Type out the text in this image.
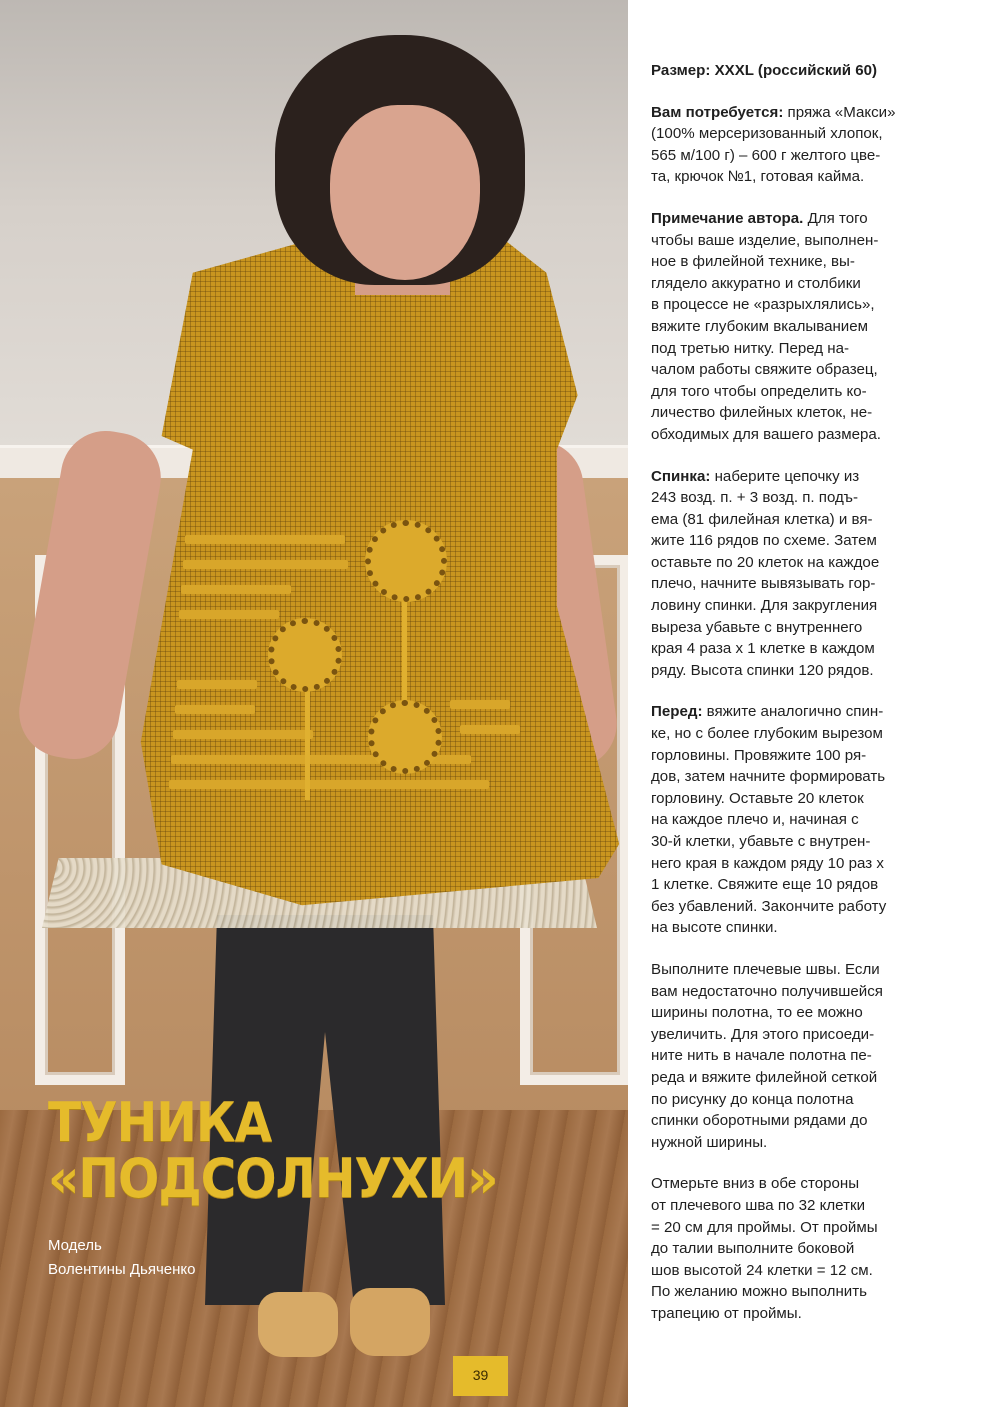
ТУНИКА
«ПОДСОЛНУХИ»
Модель
Волентины Дьяченко
39

Размер: XXXL (российский 60)

Вам потребуется: пряжа «Макси»
(100% мерсеризованный хлопок,
565 м/100 г) – 600 г желтого цве-
та, крючок №1, готовая кайма.

Примечание автора. Для того
чтобы ваше изделие, выполнен-
ное в филейной технике, вы-
глядело аккуратно и столбики
в процессе не «разрыхлялись»,
вяжите глубоким вкалыванием
под третью нитку. Перед на-
чалом работы свяжите образец,
для того чтобы определить ко-
личество филейных клеток, не-
обходимых для вашего размера.

Спинка: наберите цепочку из
243 возд. п. + 3 возд. п. подъ-
ема (81 филейная клетка) и вя-
жите 116 рядов по схеме. Затем
оставьте по 20 клеток на каждое
плечо, начните вывязывать гор-
ловину спинки. Для закругления
выреза убавьте с внутреннего
края 4 раза х 1 клетке в каждом
ряду. Высота спинки 120 рядов.

Перед: вяжите аналогично спин-
ке, но с более глубоким вырезом
горловины. Провяжите 100 ря-
дов, затем начните формировать
горловину. Оставьте 20 клеток
на каждое плечо и, начиная с
30-й клетки, убавьте с внутрен-
него края в каждом ряду 10 раз х
1 клетке. Свяжите еще 10 рядов
без убавлений. Закончите работу
на высоте спинки.

Выполните плечевые швы. Если
вам недостаточно получившейся
ширины полотна, то ее можно
увеличить. Для этого присоеди-
ните нить в начале полотна пе-
реда и вяжите филейной сеткой
по рисунку до конца полотна
спинки оборотными рядами до
нужной ширины.

Отмерьте вниз в обе стороны
от плечевого шва по 32 клетки
= 20 см для проймы. От проймы
до талии выполните боковой
шов высотой 24 клетки = 12 см.
По желанию можно выполнить
трапецию от проймы.
